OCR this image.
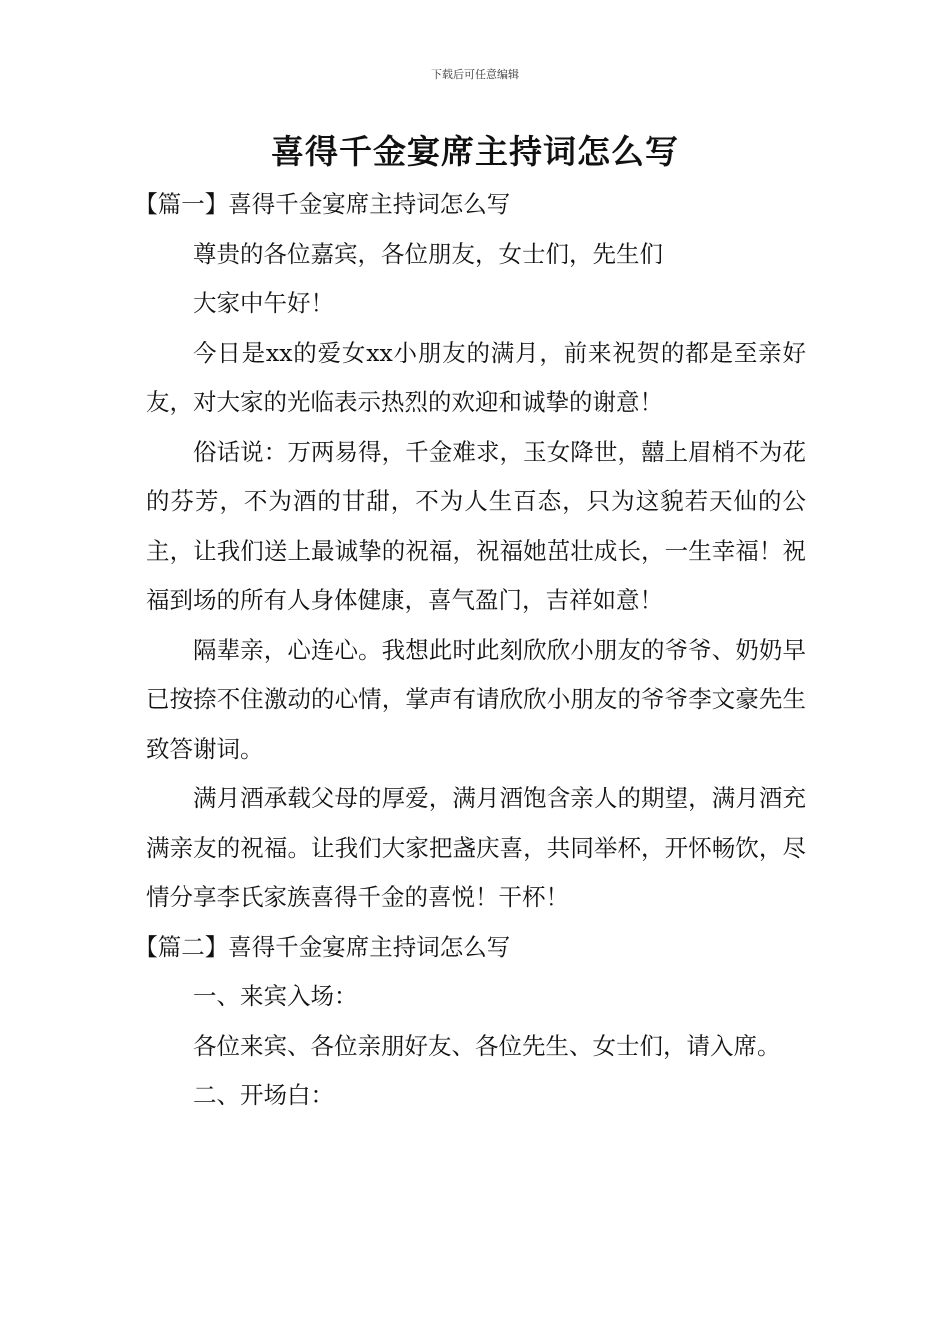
下载后可任意编辑
喜得千金宴席主持词怎么写

【篇一】喜得千金宴席主持词怎么写

尊贵的各位嘉宾，各位朋友，女士们，先生们

大家中午好！

今日是xx的爱女xx小朋友的满月，前来祝贺的都是至亲好友，对大家的光临表示热烈的欢迎和诚挚的谢意！

俗话说：万两易得，千金难求，玉女降世，囍上眉梢不为花的芬芳，不为酒的甘甜，不为人生百态，只为这貌若天仙的公主，让我们送上最诚挚的祝福，祝福她茁壮成长，一生幸福！祝福到场的所有人身体健康，喜气盈门，吉祥如意！

隔辈亲，心连心。我想此时此刻欣欣小朋友的爷爷、奶奶早已按捺不住激动的心情，掌声有请欣欣小朋友的爷爷李文豪先生致答谢词。

满月酒承载父母的厚爱，满月酒饱含亲人的期望，满月酒充满亲友的祝福。让我们大家把盏庆喜，共同举杯，开怀畅饮，尽情分享李氏家族喜得千金的喜悦！干杯！

【篇二】喜得千金宴席主持词怎么写

一、来宾入场：

各位来宾、各位亲朋好友、各位先生、女士们，请入席。

二、开场白：
